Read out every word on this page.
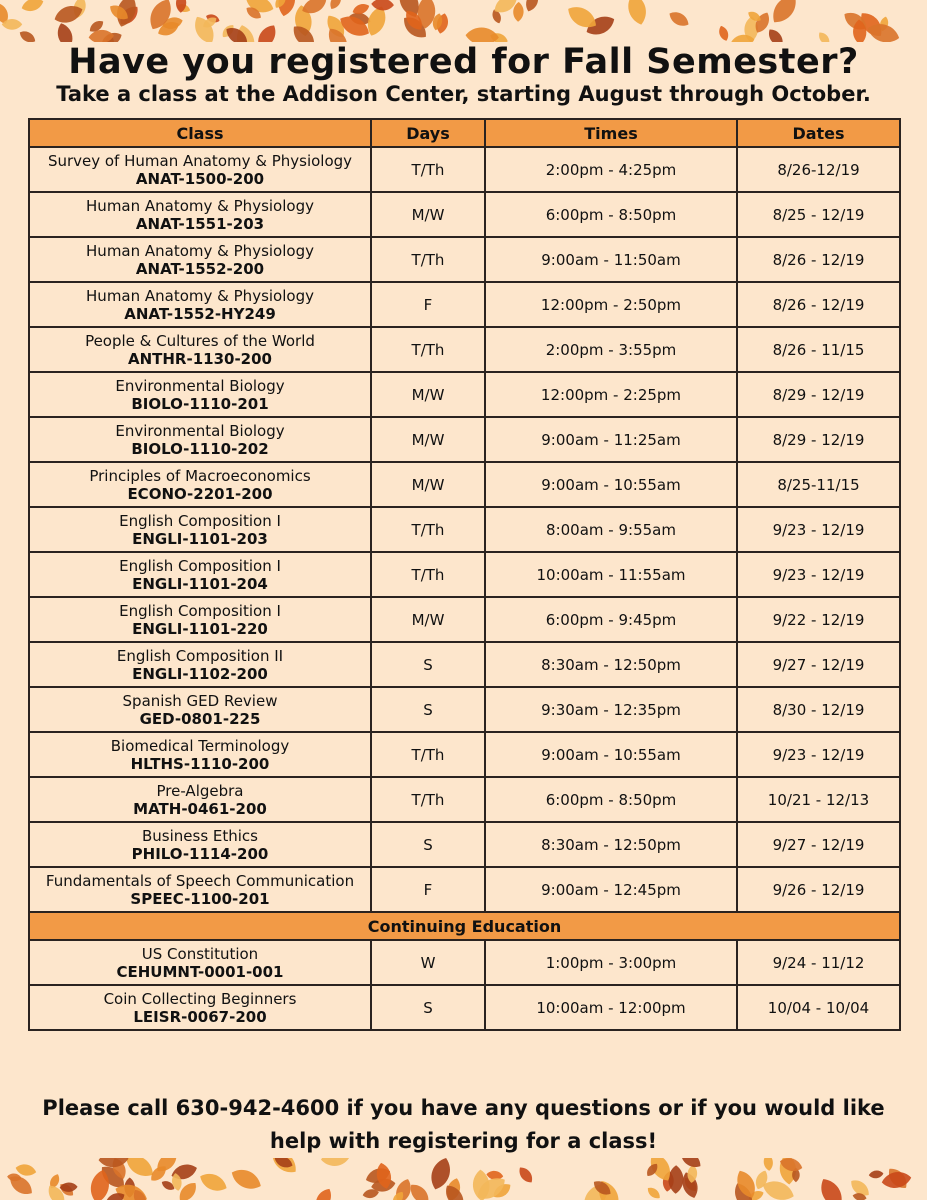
Have you registered for Fall Semester?
Take a class at the Addison Center, starting August through October.
Class	Days	Times	Dates

Survey of Human Anatomy & Physiology
ANAT-1500-200	T/Th	2:00pm - 4:25pm	8/26-12/19

Human Anatomy & Physiology
ANAT-1551-203	M/W	6:00pm - 8:50pm	8/25 - 12/19

Human Anatomy & Physiology
ANAT-1552-200	T/Th	9:00am - 11:50am	8/26 - 12/19

Human Anatomy & Physiology
ANAT-1552-HY249	F	12:00pm - 2:50pm	8/26 - 12/19

People & Cultures of the World
ANTHR-1130-200	T/Th	2:00pm - 3:55pm	8/26 - 11/15

Environmental Biology
BIOLO-1110-201	M/W	12:00pm - 2:25pm	8/29 - 12/19

Environmental Biology
BIOLO-1110-202	M/W	9:00am - 11:25am	8/29 - 12/19

Principles of Macroeconomics
ECONO-2201-200	M/W	9:00am - 10:55am	8/25-11/15

English Composition I
ENGLI-1101-203	T/Th	8:00am - 9:55am	9/23 - 12/19

English Composition I
ENGLI-1101-204	T/Th	10:00am - 11:55am	9/23 - 12/19

English Composition I
ENGLI-1101-220	M/W	6:00pm - 9:45pm	9/22 - 12/19

English Composition II
ENGLI-1102-200	S	8:30am - 12:50pm	9/27 - 12/19

Spanish GED Review
GED-0801-225	S	9:30am - 12:35pm	8/30 - 12/19

Biomedical Terminology
HLTHS-1110-200	T/Th	9:00am - 10:55am	9/23 - 12/19

Pre-Algebra
MATH-0461-200	T/Th	6:00pm - 8:50pm	10/21 - 12/13

Business Ethics
PHILO-1114-200	S	8:30am - 12:50pm	9/27 - 12/19

Fundamentals of Speech Communication
SPEEC-1100-201	F	9:00am - 12:45pm	9/26 - 12/19
Continuing Education			

US Constitution
CEHUMNT-0001-001	W	1:00pm - 3:00pm	9/24 - 11/12

Coin Collecting Beginners
LEISR-0067-200	S	10:00am - 12:00pm	10/04 - 10/04
Please call 630-942-4600 if you have any questions or if you would like
help with registering for a class!
